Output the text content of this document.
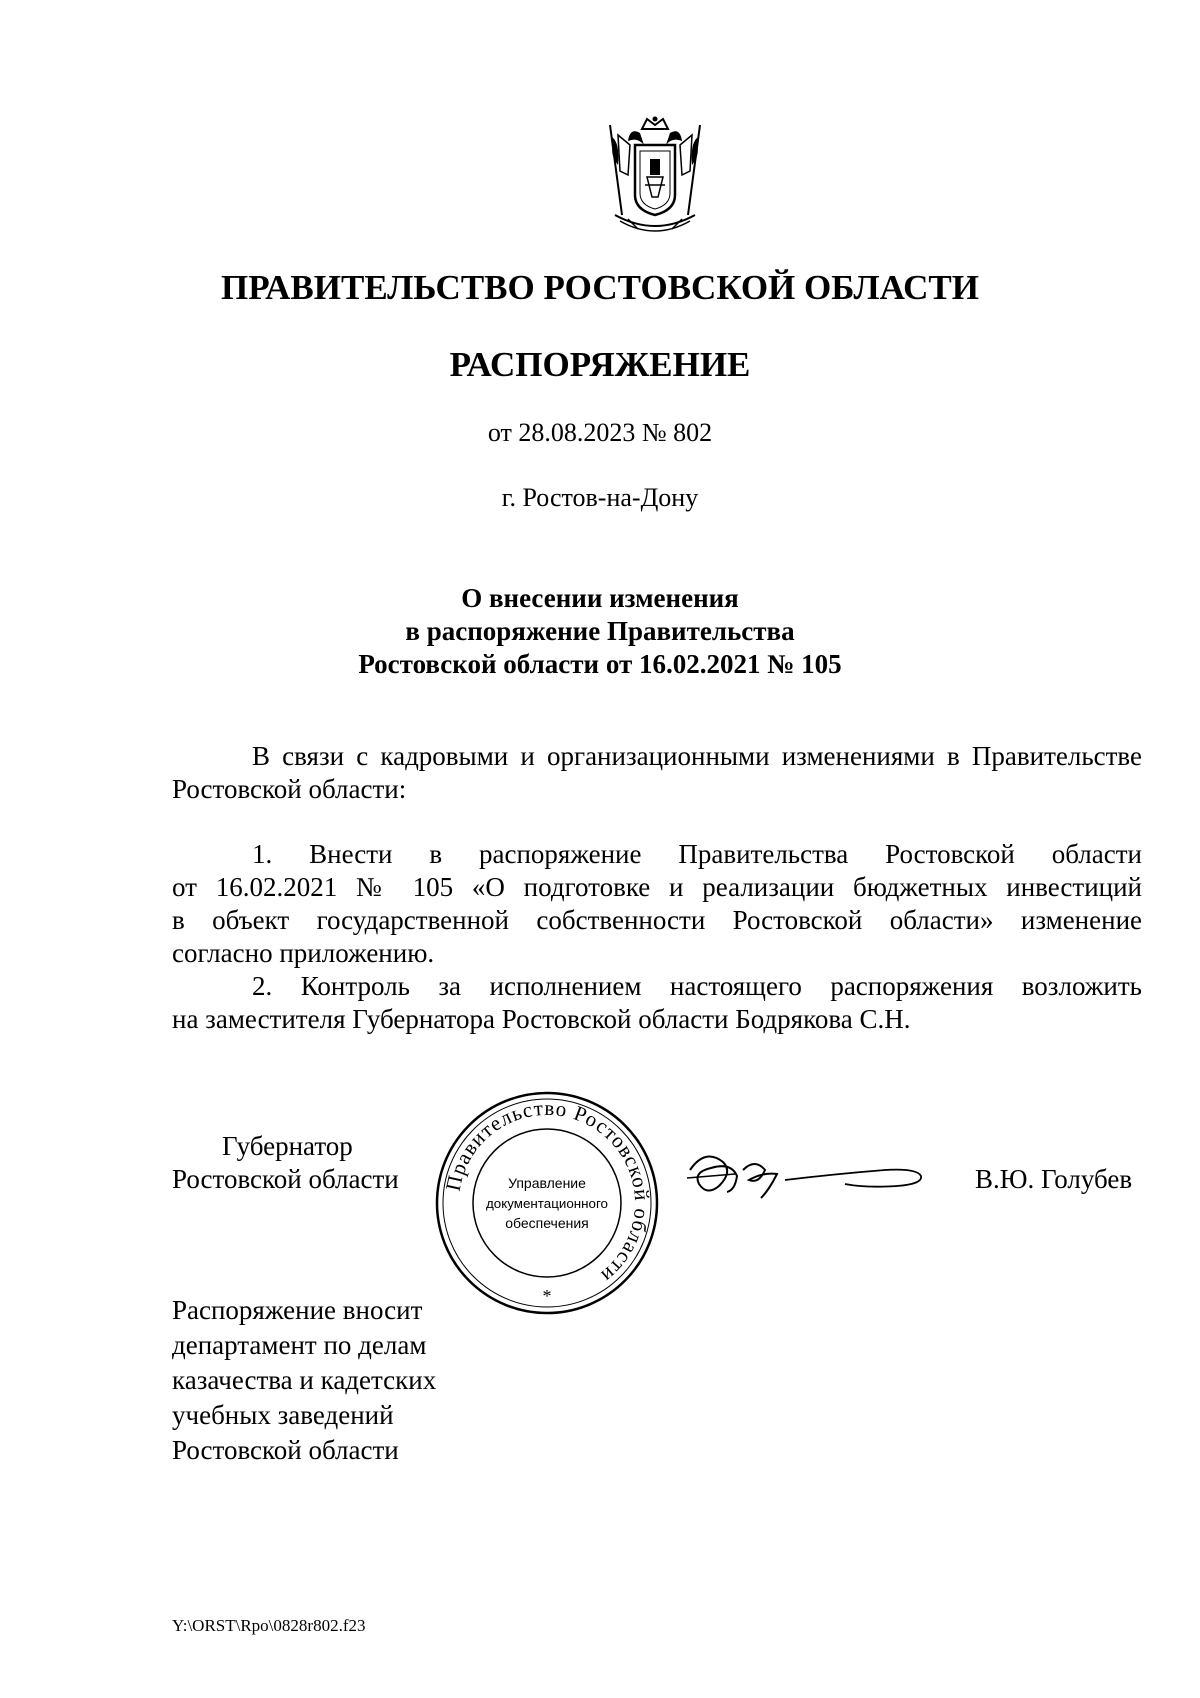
ПРАВИТЕЛЬСТВО РОСТОВСКОЙ ОБЛАСТИ
РАСПОРЯЖЕНИЕ
от 28.08.2023 № 802
г. Ростов-на-Дону
О внесении изменения
в распоряжение Правительства
Ростовской области от 16.02.2021 № 105
В связи с кадровыми и организационными изменениями в Правительстве
Ростовской области:
1. Внести в распоряжение Правительства Ростовской области
от 16.02.2021 № 105 «О подготовке и реализации бюджетных инвестиций
в объект государственной собственности Ростовской области» изменение
согласно приложению.
2. Контроль за исполнением настоящего распоряжения возложить
на заместителя Губернатора Ростовской области Бодрякова С.Н.
Губернатор
Ростовской области Правительство Ростовской области
Управление
документационного
обеспечения
*
В.Ю. Голубев
Распоряжение вносит
департамент по делам
казачества и кадетских
учебных заведений
Ростовской области
Y:\ORST\Rpo\0828r802.f23
